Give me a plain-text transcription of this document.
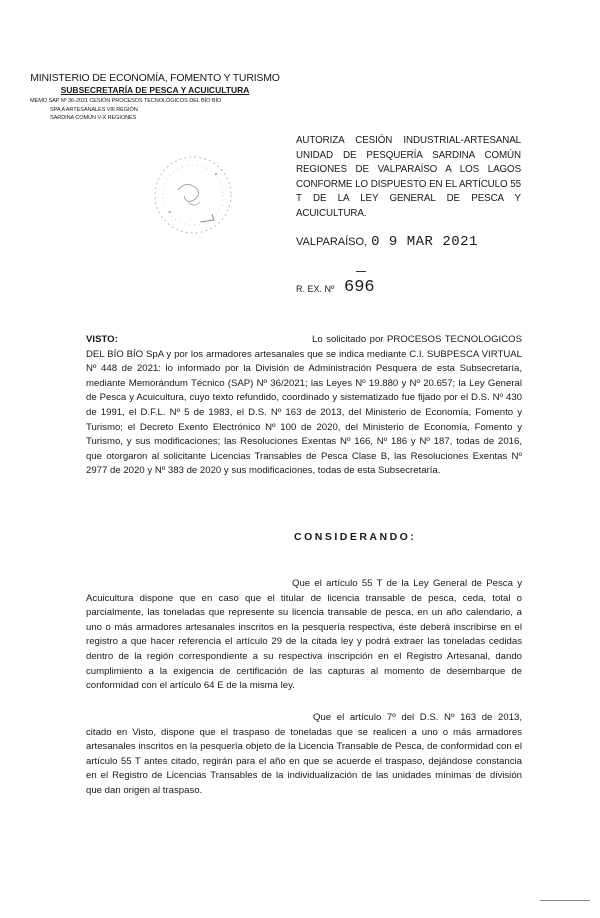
MINISTERIO DE ECONOMÍA, FOMENTO Y TURISMO
SUBSECRETARÍA DE PESCA Y ACUICULTURA
MEMO SAP Nº 36-2021 CESIÓN PROCESOS TECNOLÓGICOS DEL BÍO BÍO
SPA A ARTESANALES VIII REGIÓN
SARDINA COMÚN V-X REGIONES
AUTORIZA CESIÓN INDUSTRIAL-ARTESANAL UNIDAD DE PESQUERÍA SARDINA COMÚN REGIONES DE VALPARAÍSO A LOS LAGOS CONFORME LO DISPUESTO EN EL ARTÍCULO 55 T DE LA LEY GENERAL DE PESCA Y ACUICULTURA.
VALPARAÍSO, 0 9 MAR 2021
R. EX. Nº 696
VISTO:	Lo solicitado por PROCESOS TECNOLOGICOS DEL BÍO BÍO SpA y por los armadores artesanales que se indica mediante C.I. SUBPESCA VIRTUAL Nº 448 de 2021: lo informado por la División de Administración Pesquera de esta Subsecretaría, mediante Memorándum Técnico (SAP) Nº 36/2021; las Leyes Nº 19.880 y Nº 20.657; la Ley General de Pesca y Acuicultura, cuyo texto refundido, coordinado y sistematizado fue fijado por el D.S. Nº 430 de 1991, el D.F.L. Nº 5 de 1983, el D.S. Nº 163 de 2013, del Ministerio de Economía, Fomento y Turismo; el Decreto Exento Electrónico Nº 100 de 2020, del Ministerio de Economía, Fomento y Turismo, y sus modificaciones; las Resoluciones Exentas Nº 166, Nº 186 y Nº 187, todas de 2016, que otorgaron al solicitante Licencias Transables de Pesca Clase B, las Resoluciones Exentas Nº 2977 de 2020 y Nº 383 de 2020 y sus modificaciones, todas de esta Subsecretaría.
CONSIDERANDO:
Que el artículo 55 T de la Ley General de Pesca y Acuicultura dispone que en caso que el titular de licencia transable de pesca, ceda, total o parcialmente, las toneladas que represente su licencia transable de pesca, en un año calendario, a uno o más armadores artesanales inscritos en la pesquería respectiva, éste deberá inscribirse en el registro a que hacer referencia el artículo 29 de la citada ley y podrá extraer las toneladas cedidas dentro de la región correspondiente a su respectiva inscripción en el Registro Artesanal, dando cumplimiento a la exigencia de certificación de las capturas al momento de desembarque de conformidad con el artículo 64 E de la misma ley.
Que el artículo 7º del D.S. Nº 163 de 2013, citado en Visto, dispone que el traspaso de toneladas que se realicen a uno o más armadores artesanales inscritos en la pesquería objeto de la Licencia Transable de Pesca, de conformidad con el artículo 55 T antes citado, regirán para el año en que se acuerde el traspaso, dejándose constancia en el Registro de Licencias Transables de la individualización de las unidades mínimas de división que dan origen al traspaso.
